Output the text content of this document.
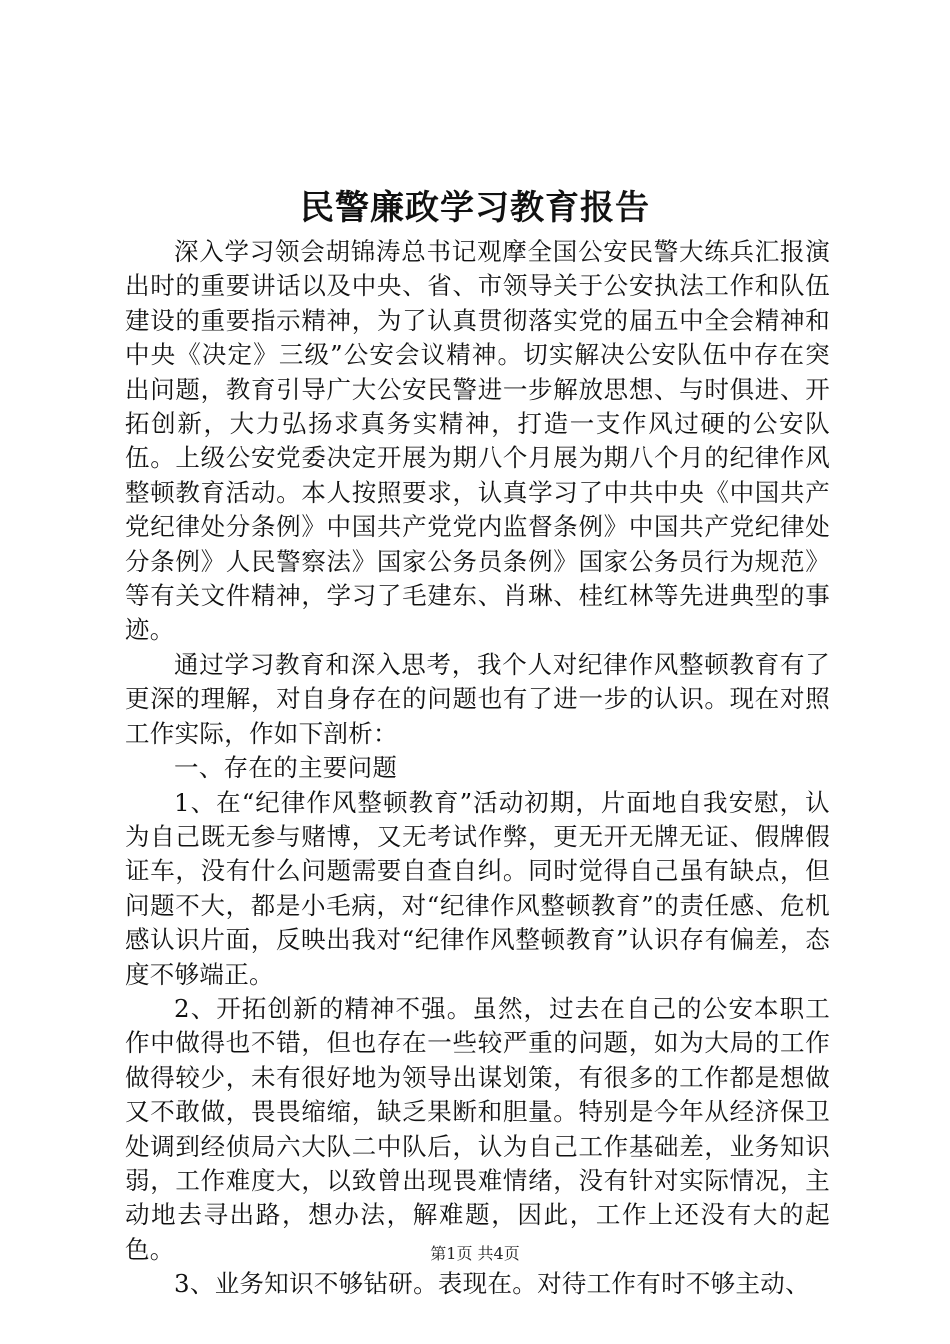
民警廉政学习教育报告

深入学习领会胡锦涛总书记观摩全国公安民警大练兵汇报演出时的重要讲话以及中央、省、市领导关于公安执法工作和队伍建设的重要指示精神，为了认真贯彻落实党的届五中全会精神和中央《决定》三级”公安会议精神。切实解决公安队伍中存在突出问题，教育引导广大公安民警进一步解放思想、与时俱进、开拓创新，大力弘扬求真务实精神，打造一支作风过硬的公安队伍。上级公安党委决定开展为期八个月展为期八个月的纪律作风整顿教育活动。本人按照要求，认真学习了中共中央《中国共产党纪律处分条例》中国共产党党内监督条例》中国共产党纪律处分条例》人民警察法》国家公务员条例》国家公务员行为规范》等有关文件精神，学习了毛建东、肖琳、桂红林等先进典型的事迹。

通过学习教育和深入思考，我个人对纪律作风整顿教育有了更深的理解，对自身存在的问题也有了进一步的认识。现在对照工作实际，作如下剖析：

一、存在的主要问题

1、在“纪律作风整顿教育”活动初期，片面地自我安慰，认为自己既无参与赌博，又无考试作弊，更无开无牌无证、假牌假证车，没有什么问题需要自查自纠。同时觉得自己虽有缺点，但问题不大，都是小毛病，对“纪律作风整顿教育”的责任感、危机感认识片面，反映出我对“纪律作风整顿教育”认识存有偏差，态度不够端正。

2、开拓创新的精神不强。虽然，过去在自己的公安本职工作中做得也不错，但也存在一些较严重的问题，如为大局的工作做得较少，未有很好地为领导出谋划策，有很多的工作都是想做又不敢做，畏畏缩缩，缺乏果断和胆量。特别是今年从经济保卫处调到经侦局六大队二中队后，认为自己工作基础差，业务知识弱，工作难度大，以致曾出现畏难情绪，没有针对实际情况，主动地去寻出路，想办法，解难题，因此，工作上还没有大的起色。

3、业务知识不够钻研。表现在。对待工作有时不够主动、

第1页 共4页
